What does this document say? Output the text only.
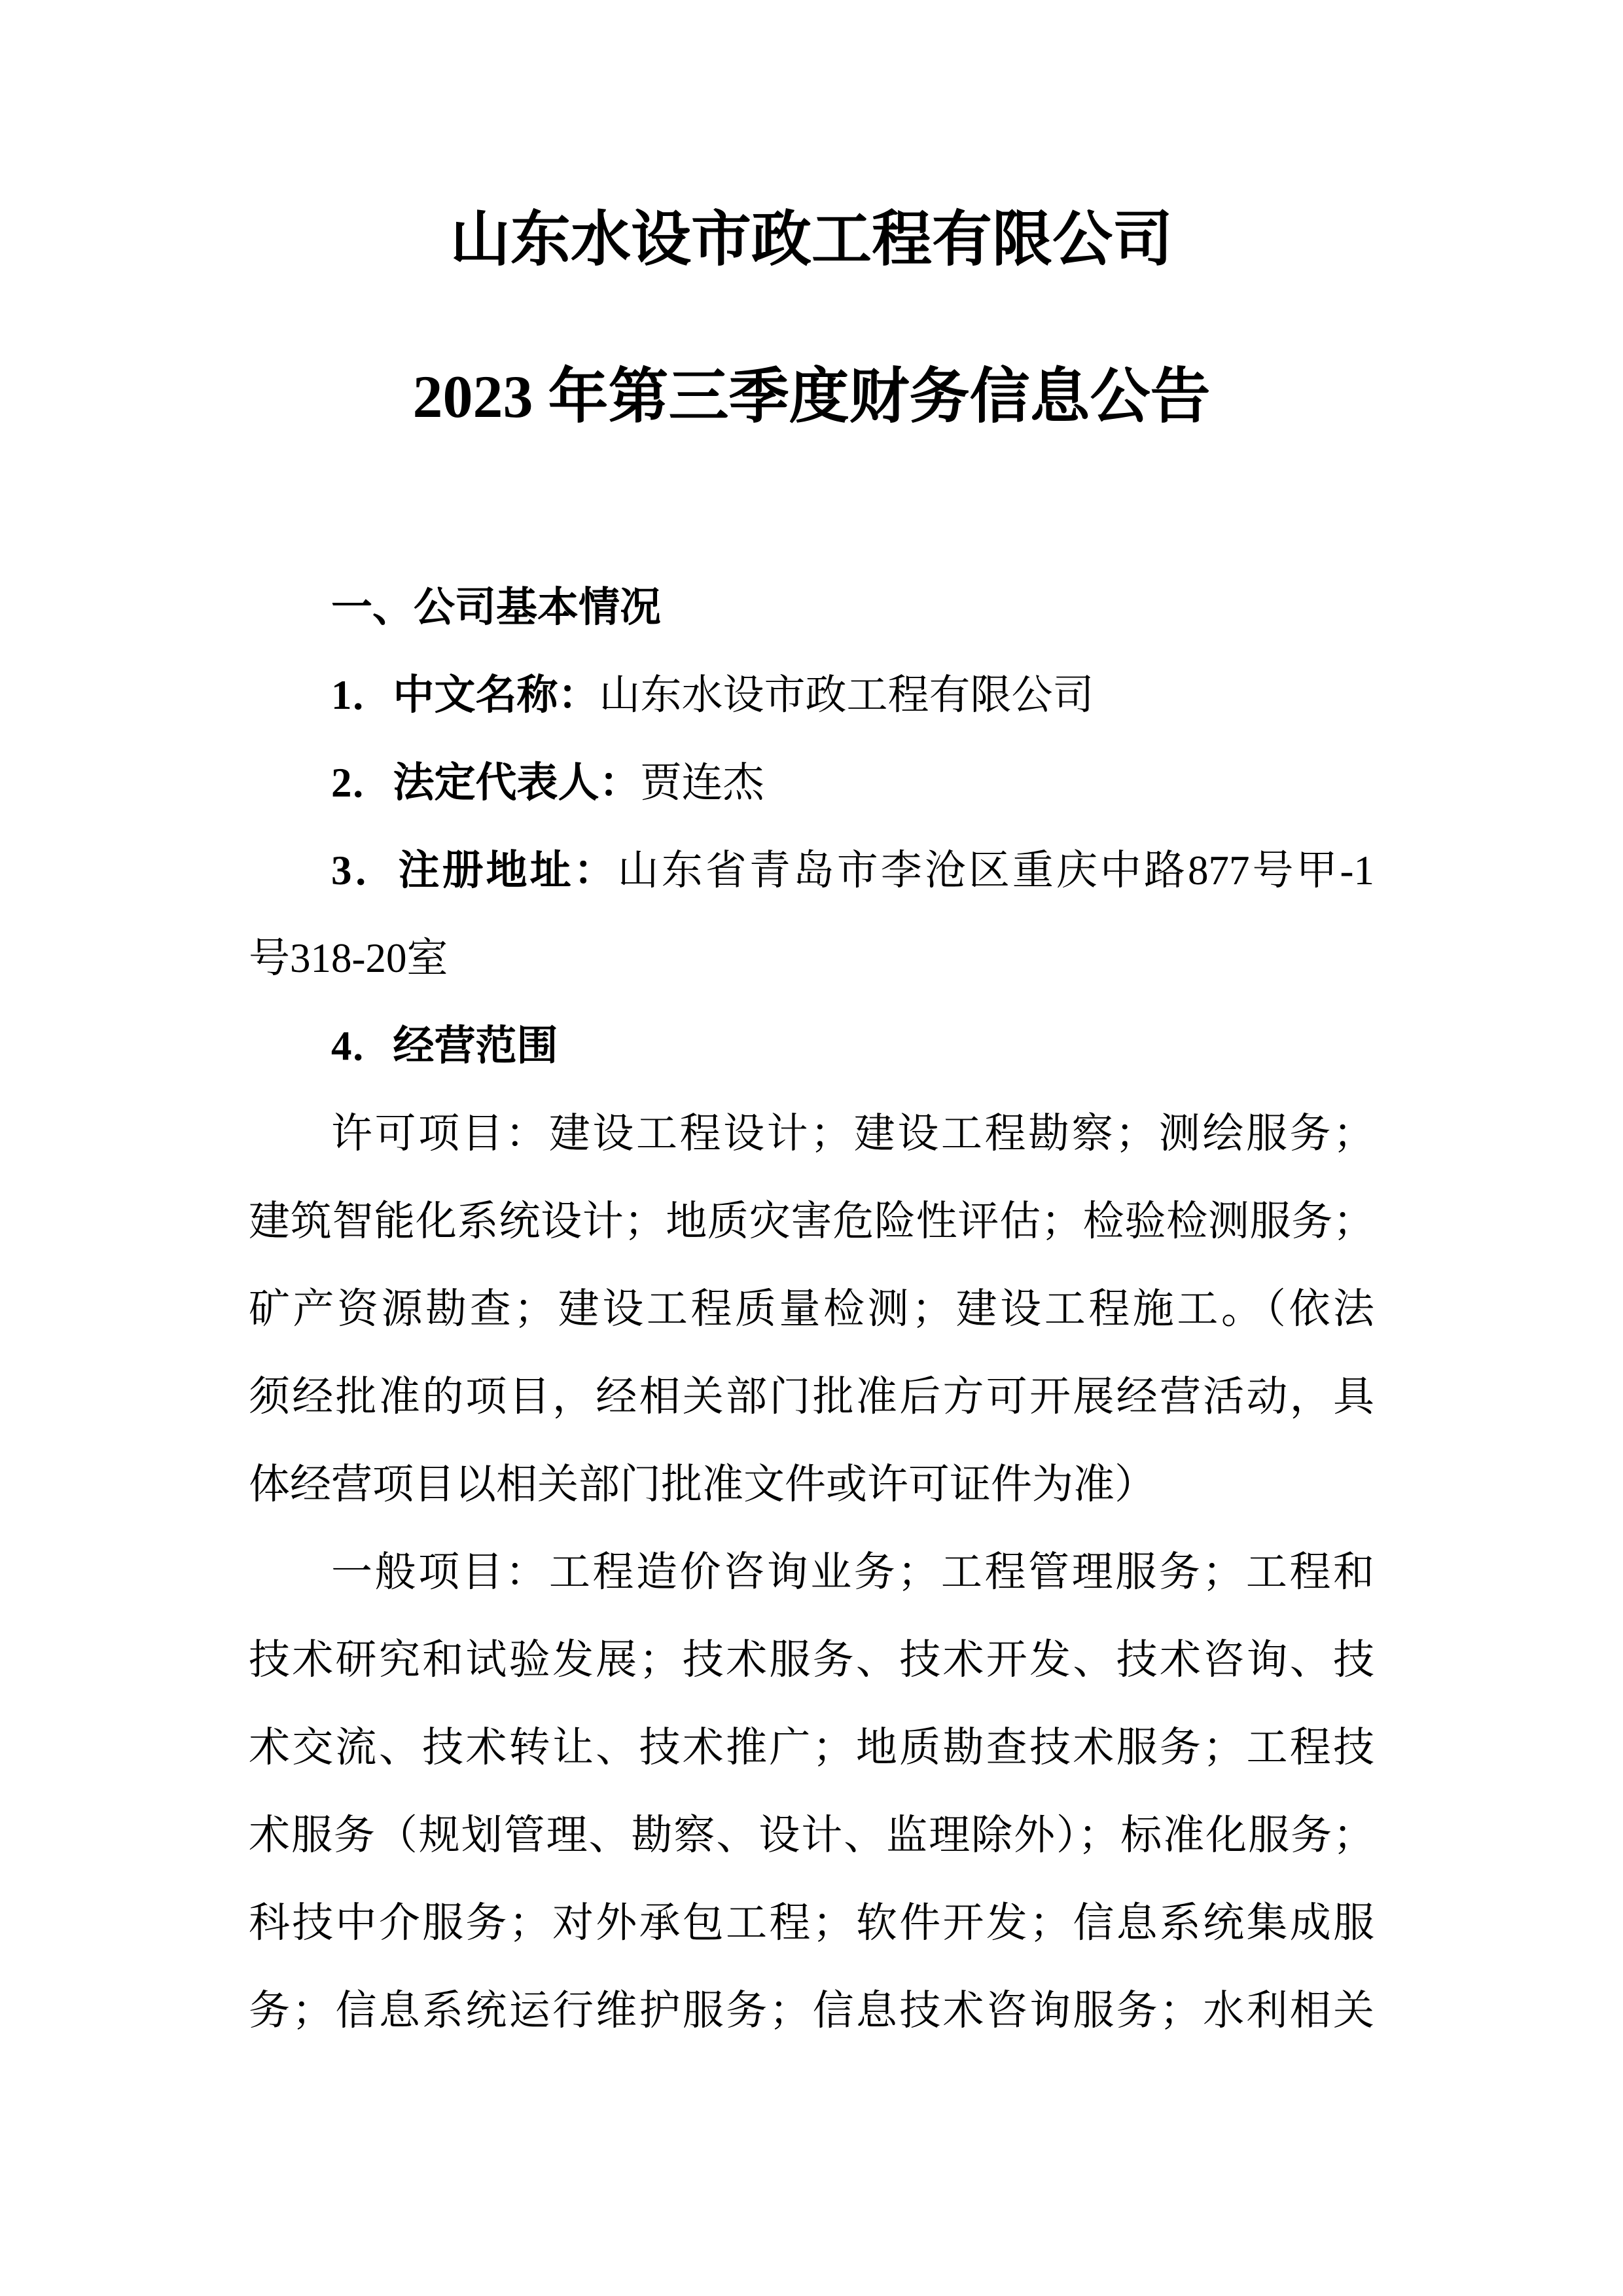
山东水设市政工程有限公司
2023 年第三季度财务信息公告
一、公司基本情况
1．中文名称：山东水设市政工程有限公司
2．法定代表人：贾连杰
3．注册地址：山东省青岛市李沧区重庆中路877号甲-1
号318-20室
4．经营范围
许可项目：建设工程设计；建设工程勘察；测绘服务；
建筑智能化系统设计；地质灾害危险性评估；检验检测服务；
矿产资源勘查；建设工程质量检测；建设工程施工。（依法
须经批准的项目，经相关部门批准后方可开展经营活动，具
体经营项目以相关部门批准文件或许可证件为准）
一般项目：工程造价咨询业务；工程管理服务；工程和
技术研究和试验发展；技术服务、技术开发、技术咨询、技
术交流、技术转让、技术推广；地质勘查技术服务；工程技
术服务（规划管理、勘察、设计、监理除外）；标准化服务；
科技中介服务；对外承包工程；软件开发；信息系统集成服
务；信息系统运行维护服务；信息技术咨询服务；水利相关
